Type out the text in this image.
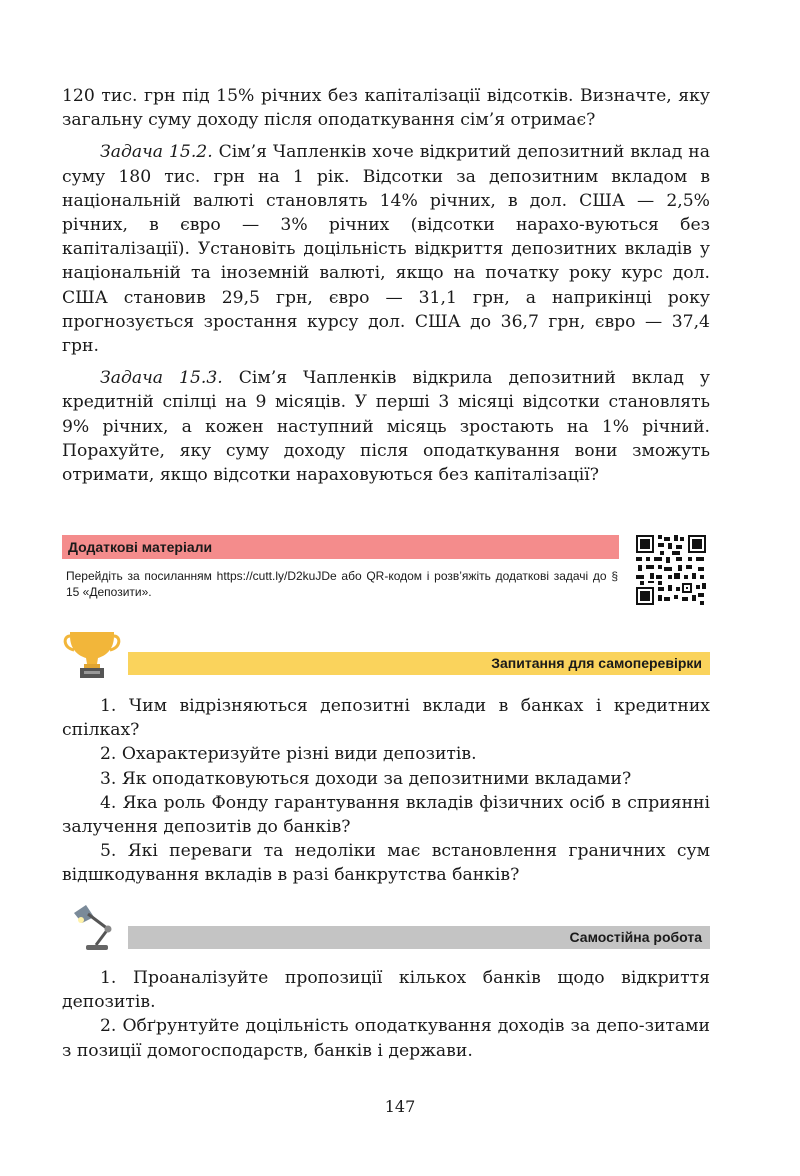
120 тис. грн під 15% річних без капіталізації відсотків. Визначте, яку загальну суму доходу після оподаткування сім’я отримає?

Задача 15.2. Сім’я Чапленків хоче відкритий депозитний вклад на суму 180 тис. грн на 1 рік. Відсотки за депозитним вкладом в національній валюті становлять 14% річних, в дол. США — 2,5% річних, в євро — 3% річних (відсотки нарахо-вуються без капіталізації). Установіть доцільність відкриття депозитних вкладів у національній та іноземній валюті, якщо на початку року курс дол. США становив 29,5 грн, євро — 31,1 грн, а наприкінці року прогнозується зростання курсу дол. США до 36,7 грн, євро — 37,4 грн.

Задача 15.3. Сім’я Чапленків відкрила депозитний вклад у кредитній спілці на 9 місяців. У перші 3 місяці відсотки становлять 9% річних, а кожен наступний місяць зростають на 1% річний. Порахуйте, яку суму доходу після оподаткування вони зможуть отримати, якщо відсотки нараховуються без капіталізації?

Додаткові матеріали
Перейдіть за посиланням https://cutt.ly/D2kuJDe або QR-кодом і розв’яжіть додаткові задачі до § 15 «Депозити».
Запитання для самоперевірки

1. Чим відрізняються депозитні вклади в банках і кредитних спілках?

2. Охарактеризуйте різні види депозитів.

3. Як оподатковуються доходи за депозитними вкладами?

4. Яка роль Фонду гарантування вкладів фізичних осіб в сприянні залучення депозитів до банків?

5. Які переваги та недоліки має встановлення граничних сум відшкодування вкладів в разі банкрутства банків?

Самостійна робота

1. Проаналізуйте пропозиції кількох банків щодо відкриття депозитів.

2. Обґрунтуйте доцільність оподаткування доходів за депо-зитами з позиції домогосподарств, банків і держави.

147
